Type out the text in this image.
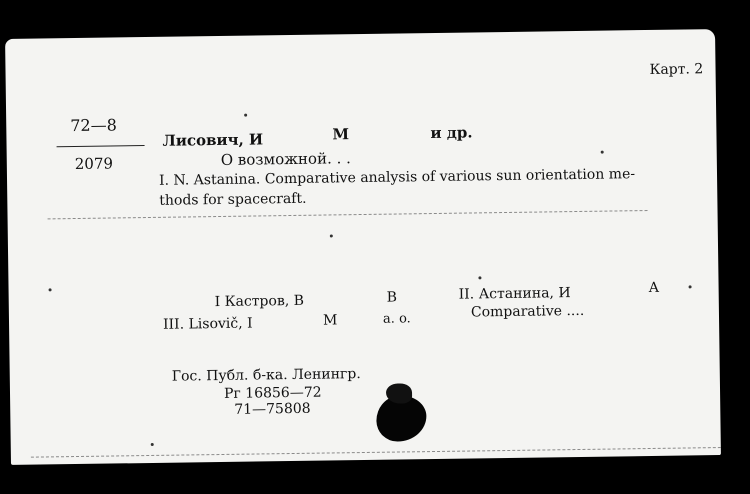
Карт. 2
72—8
2079
Лисович, И	М	и др.
О возможной. . .
I. N. Astanina. Comparative analysis of various sun orientation me-
thods for spacecraft.
I Кастров, В	В	II. Астанина, И	А
III. Lisovič, I	М	a. o.	Comparative ....
Гос. Публ. б-ка. Ленингр.
Рг 16856—72
71—75808
